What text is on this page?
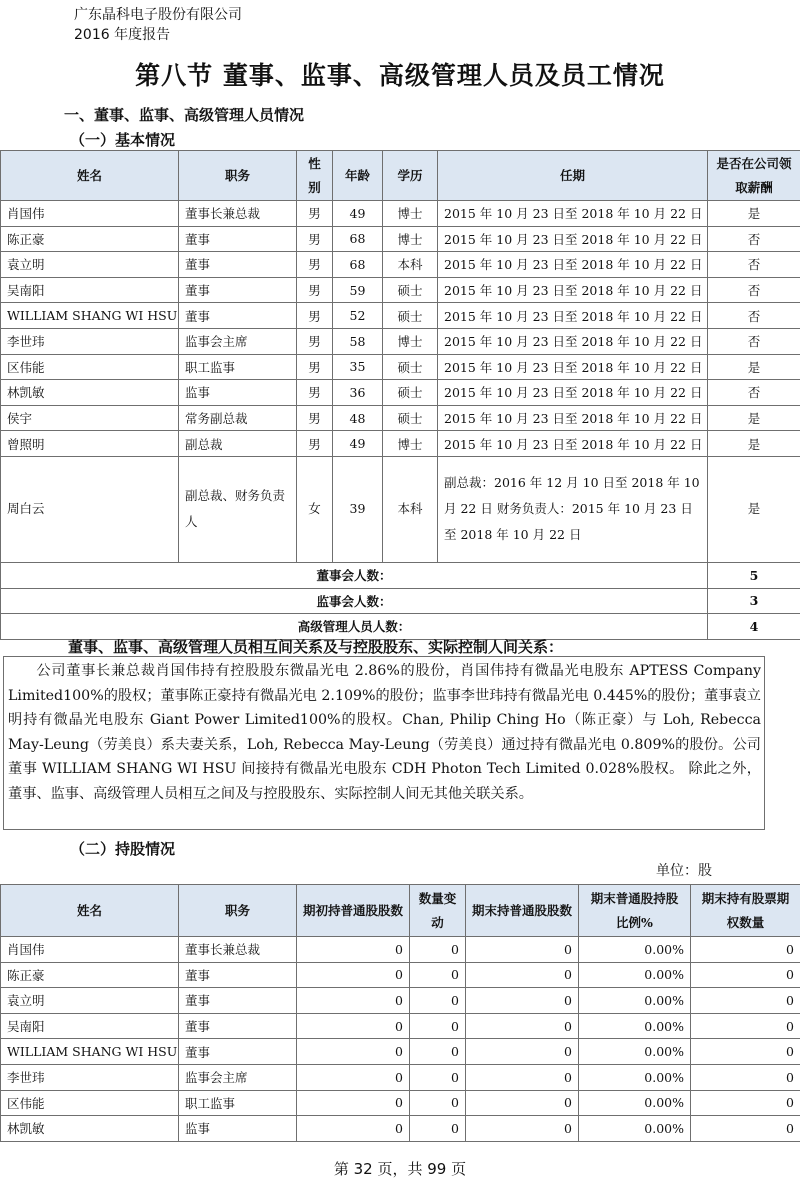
广东晶科电子股份有限公司
2016 年度报告
第八节 董事、监事、高级管理人员及员工情况
一、董事、监事、高级管理人员情况
（一）基本情况
姓名	职务	性别	年龄	学历	任期	是否在公司领取薪酬
肖国伟	董事长兼总裁	男	49	博士	2015 年 10 月 23 日至 2018 年 10 月 22 日	是
陈正豪	董事	男	68	博士	2015 年 10 月 23 日至 2018 年 10 月 22 日	否
袁立明	董事	男	68	本科	2015 年 10 月 23 日至 2018 年 10 月 22 日	否
吴南阳	董事	男	59	硕士	2015 年 10 月 23 日至 2018 年 10 月 22 日	否
WILLIAM SHANG WI HSU	董事	男	52	硕士	2015 年 10 月 23 日至 2018 年 10 月 22 日	否
李世玮	监事会主席	男	58	博士	2015 年 10 月 23 日至 2018 年 10 月 22 日	否
区伟能	职工监事	男	35	硕士	2015 年 10 月 23 日至 2018 年 10 月 22 日	是
林凯敏	监事	男	36	硕士	2015 年 10 月 23 日至 2018 年 10 月 22 日	否
侯宇	常务副总裁	男	48	硕士	2015 年 10 月 23 日至 2018 年 10 月 22 日	是
曾照明	副总裁	男	49	博士	2015 年 10 月 23 日至 2018 年 10 月 22 日	是
周白云	副总裁、财务负责人	女	39	本科	副总裁：2016 年 12 月 10 日至 2018 年 10 月 22 日 财务负责人：2015 年 10 月 23 日至 2018 年 10 月 22 日	是
董事会人数：						5
监事会人数：						3
高级管理人员人数：						4
董事、监事、高级管理人员相互间关系及与控股股东、实际控制人间关系：
公司董事长兼总裁肖国伟持有控股股东微晶光电 2.86%的股份，肖国伟持有微晶光电股东 APTESS Company Limited100%的股权；董事陈正豪持有微晶光电 2.109%的股份；监事李世玮持有微晶光电 0.445%的股份；董事袁立明持有微晶光电股东 Giant Power Limited100%的股权。Chan, Philip Ching Ho（陈正豪）与 Loh, Rebecca May-Leung（劳美良）系夫妻关系，Loh, Rebecca May-Leung（劳美良）通过持有微晶光电 0.809%的股份。公司董事 WILLIAM SHANG WI HSU 间接持有微晶光电股东 CDH Photon Tech Limited 0.028%股权。 除此之外，董事、监事、高级管理人员相互之间及与控股股东、实际控制人间无其他关联关系。
（二）持股情况
单位：股
姓名	职务	期初持普通股股数	数量变动	期末持普通股股数	期末普通股持股比例%	期末持有股票期权数量
肖国伟	董事长兼总裁	0	0	0	0.00%	0
陈正豪	董事	0	0	0	0.00%	0
袁立明	董事	0	0	0	0.00%	0
吴南阳	董事	0	0	0	0.00%	0
WILLIAM SHANG WI HSU	董事	0	0	0	0.00%	0
李世玮	监事会主席	0	0	0	0.00%	0
区伟能	职工监事	0	0	0	0.00%	0
林凯敏	监事	0	0	0	0.00%	0
第 32 页，共 99 页
